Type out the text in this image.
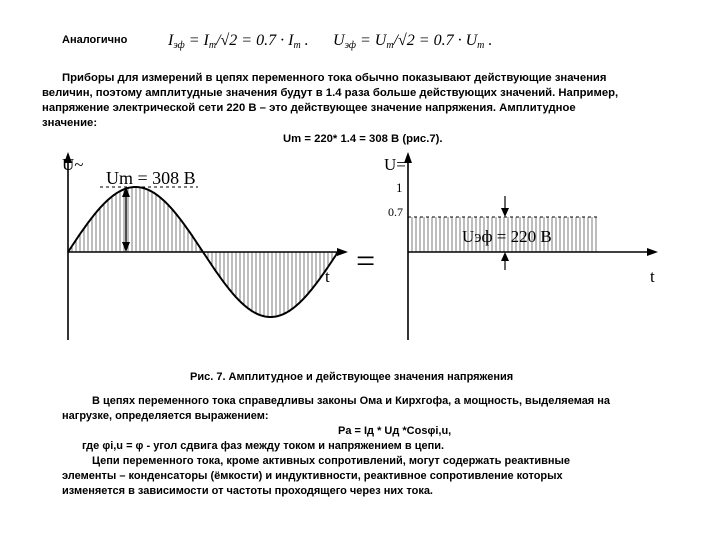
Аналогично	$I_{эф} = I_m/√2 = 0.7 \cdot I_m$ . $U_{эф} = U_m/√2 = 0.7 \cdot U_m$ .
Приборы для измерений в цепях переменного тока обычно показывают действующие значения
величин, поэтому амплитудные значения будут в 1.4 раза больше действующих значений. Например,
напряжение электрической сети 220 В – это действующее значение напряжения. Амплитудное
значение:
Um = 220* 1.4 = 308 В (рис.7).
U~
Um = 308 В
t =
U=
1
0.7
Uэф = 220 В
t
Рис. 7. Амплитудное и действующее значения напряжения
В цепях переменного тока справедливы законы Ома и Кирхгофа, а мощность, выделяемая на
нагрузке, определяется выражением:
Pa = Iд * Uд *Cosφi,u,
где φi,u = φ - угол сдвига фаз между током и напряжением в цепи.
Цепи переменного тока, кроме активных сопротивлений, могут содержать реактивные
элементы – конденсаторы (ёмкости) и индуктивности, реактивное сопротивление которых
изменяется в зависимости от частоты проходящего через них тока.
